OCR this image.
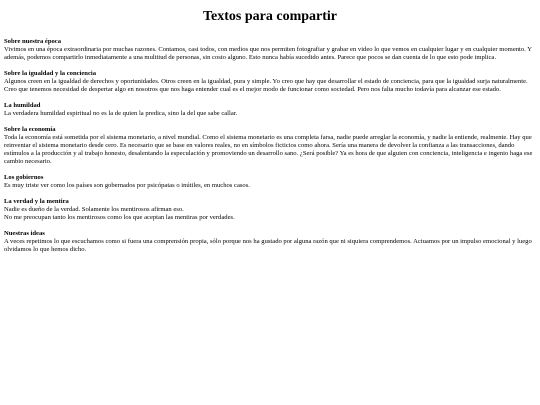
Textos para compartir
Sobre nuestra época

Vivimos en una época extraordinaria por muchas razones. Contamos, casi todos, con medios que nos permiten fotografiar y grabar en video lo que vemos en cualquier lugar y en cualquier momento. Y además, podemos compartirlo inmediatamente a una multitud de personas, sin costo alguno. Esto nunca había sucedido antes. Parece que pocos se dan cuenta de lo que esto pode implica.

Sobre la igualdad y la conciencia

Algunos creen en la igualdad de derechos y oportunidades. Otros creen en la igualdad, pura y simple. Yo creo que hay que desarrollar el estado de conciencia, para que la igualdad surja naturalmente. Creo que tenemos necesidad de despertar algo en nosotros que nos haga entender cual es el mejor modo de funcionar como sociedad. Pero nos falta mucho todavía para alcanzar ese estado.

La humildad

La verdadera humildad espiritual no es la de quien la predica, sino la del que sabe callar.

Sobre la economía

Toda la economía está sometida por el sistema monetario, a nivel mundial. Como el sistema monetario es una completa farsa, nadie puede arreglar la economía, y nadie la entiende, realmente. Hay que reinventar el sistema monetario desde cero. Es necesario que se base en valores reales, no en símbolos ficticios como ahora. Sería una manera de devolver la confianza a las transacciones, dando estímulos a la producción y al trabajo honesto, desalentando la especulación y promoviendo un desarrollo sano. ¿Será posible? Ya es hora de que alguien con conciencia, inteligencia e ingenio haga ese cambio necesario.

Los gobiernos

Es muy triste ver como los países son gobernados por psicópatas o inútiles, en muchos casos.

La verdad y la mentira

Nadie es dueño de la verdad. Solamente los mentirosos afirman eso.

No me preocupan tanto los mentirosos como los que aceptan las mentiras por verdades.

Nuestras ideas

A veces repetimos lo que escuchamos como si fuera una comprensión propia, sólo porque nos ha gustado por alguna razón que ni siquiera comprendemos. Actuamos por un impulso emocional y luego olvidamos lo que hemos dicho.
